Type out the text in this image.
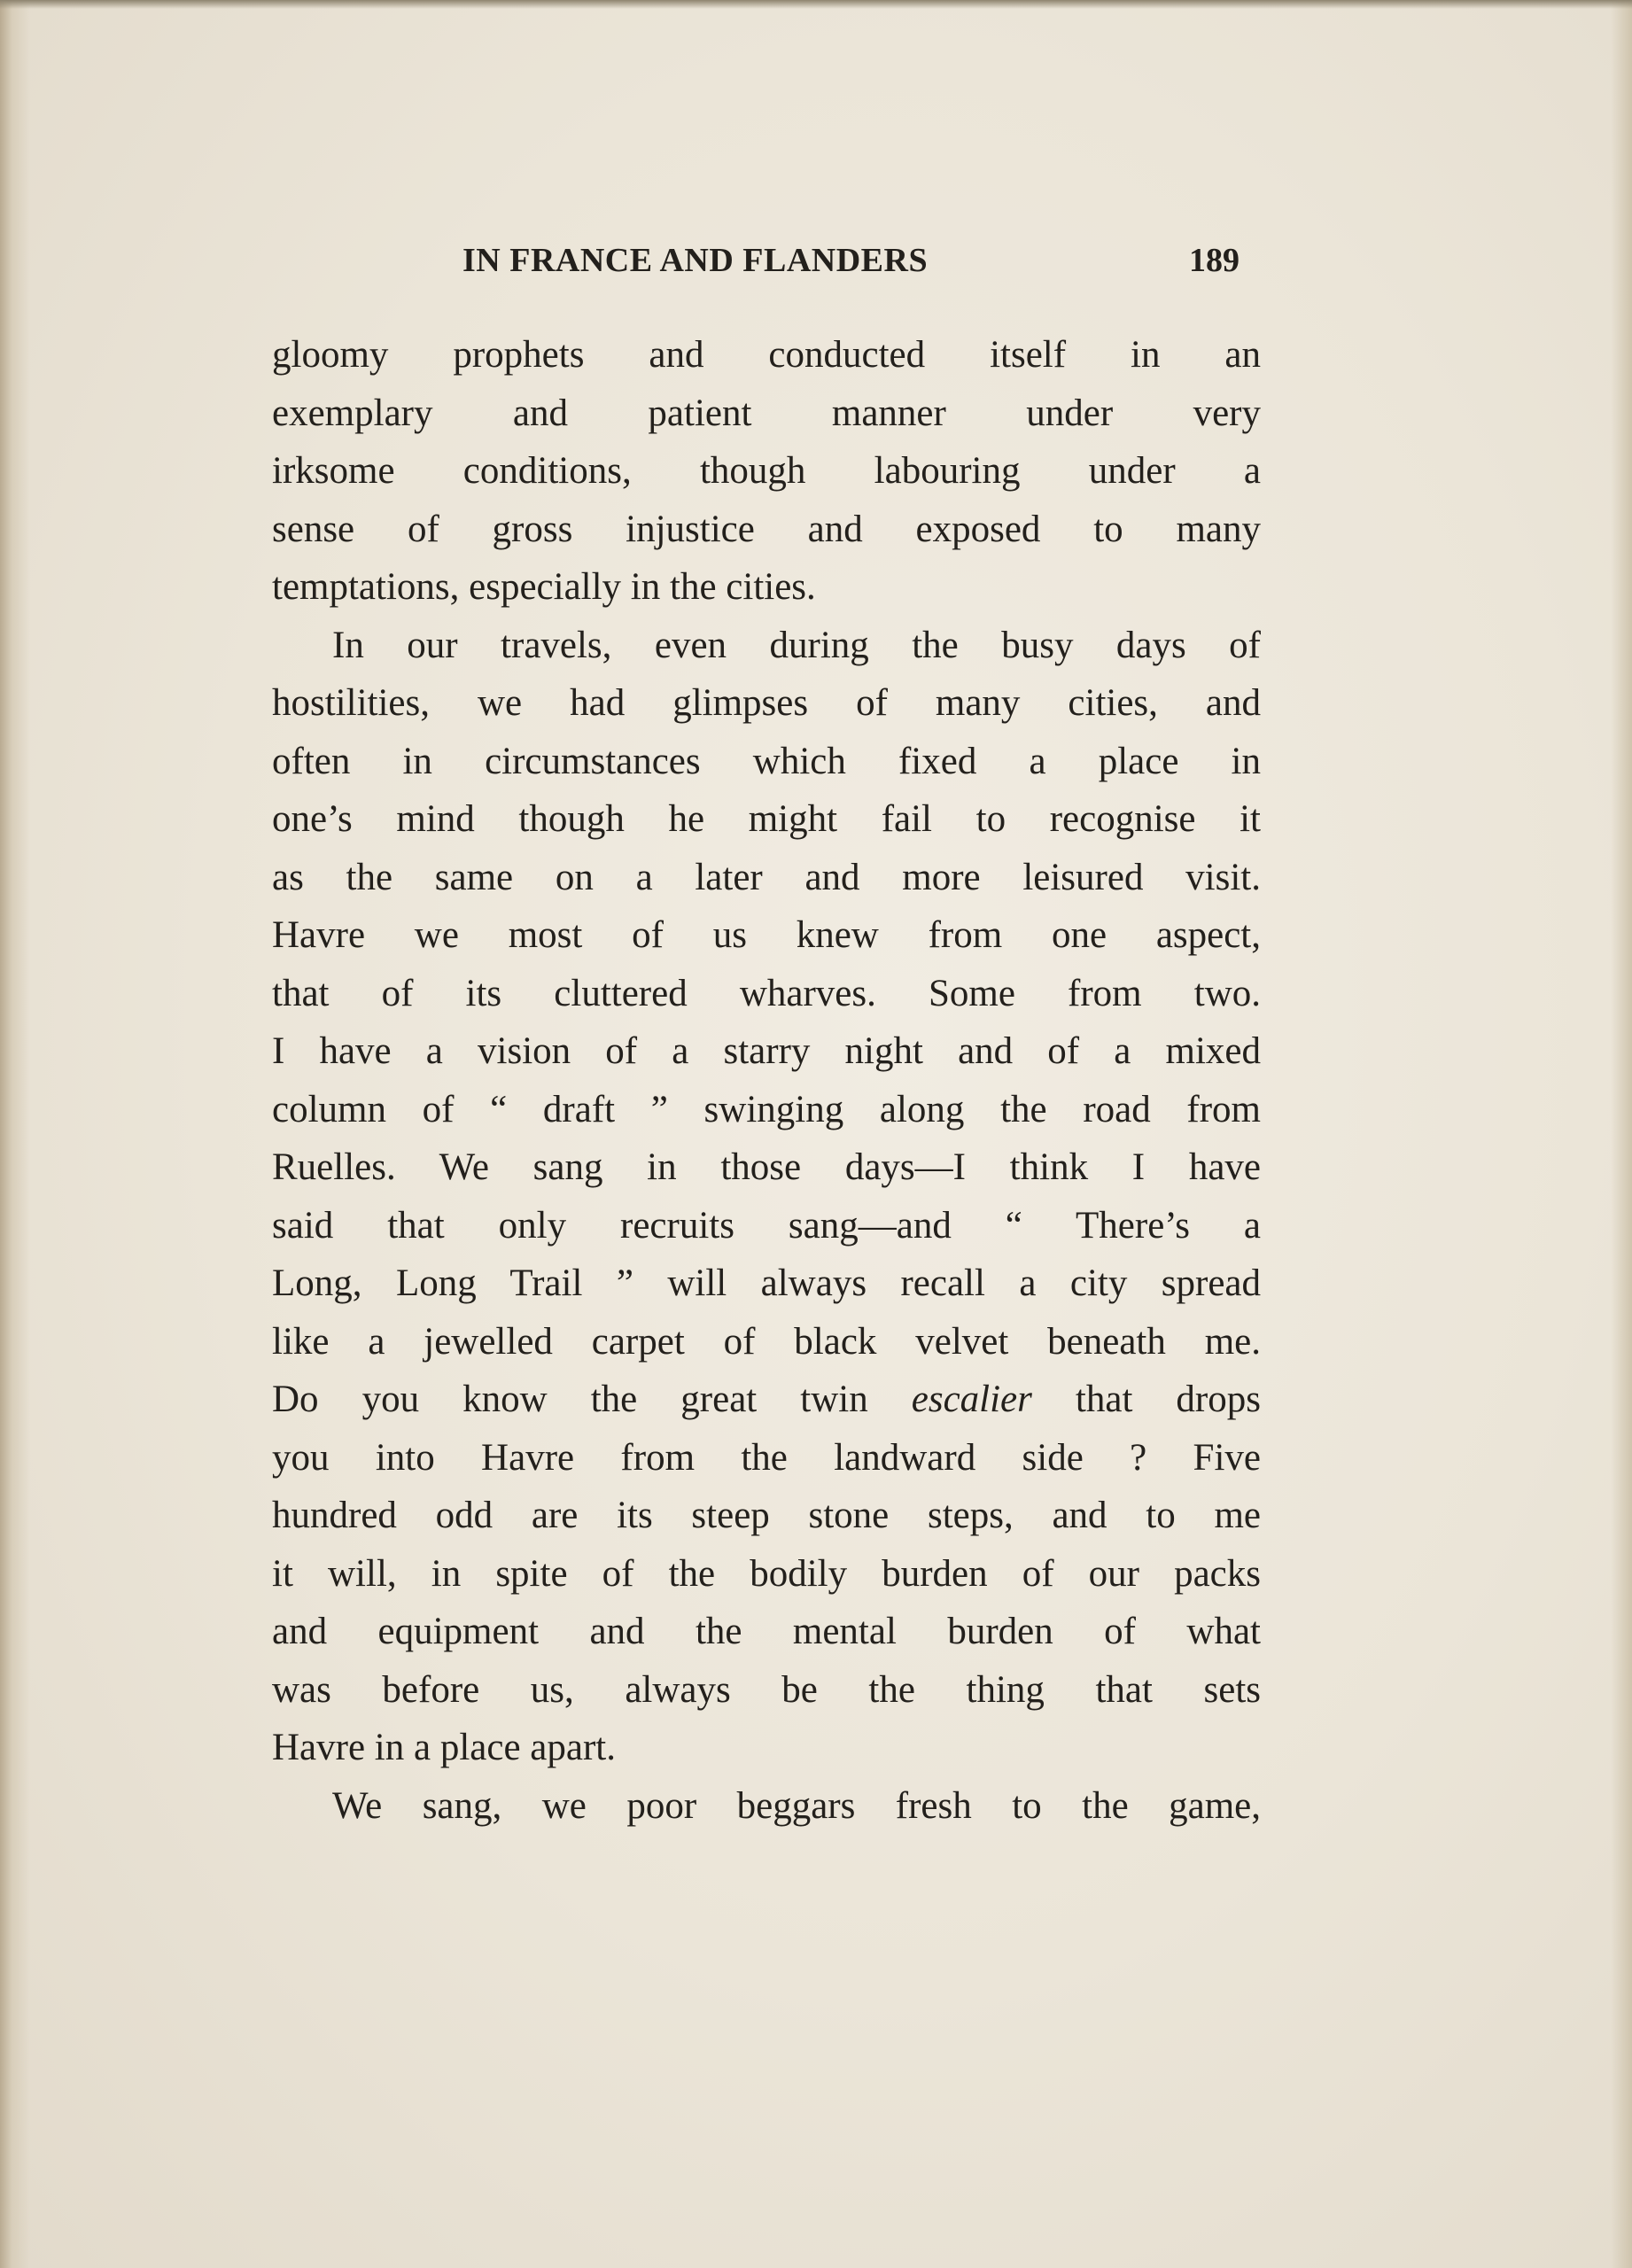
IN FRANCE AND FLANDERS	189
gloomy prophets and conducted itself in an
exemplary and patient manner under very
irksome conditions, though labouring under a
sense of gross injustice and exposed to many
temptations, especially in the cities.
In our travels, even during the busy days of
hostilities, we had glimpses of many cities, and
often in circumstances which fixed a place in
one’s mind though he might fail to recognise it
as the same on a later and more leisured visit.
Havre we most of us knew from one aspect,
that of its cluttered wharves. Some from two.
I have a vision of a starry night and of a mixed
column of “ draft ” swinging along the road from
Ruelles. We sang in those days—I think I have
said that only recruits sang—and “ There’s a
Long, Long Trail ” will always recall a city spread
like a jewelled carpet of black velvet beneath me.
Do you know the great twin escalier that drops
you into Havre from the landward side ? Five
hundred odd are its steep stone steps, and to me
it will, in spite of the bodily burden of our packs
and equipment and the mental burden of what
was before us, always be the thing that sets
Havre in a place apart.
We sang, we poor beggars fresh to the game,
